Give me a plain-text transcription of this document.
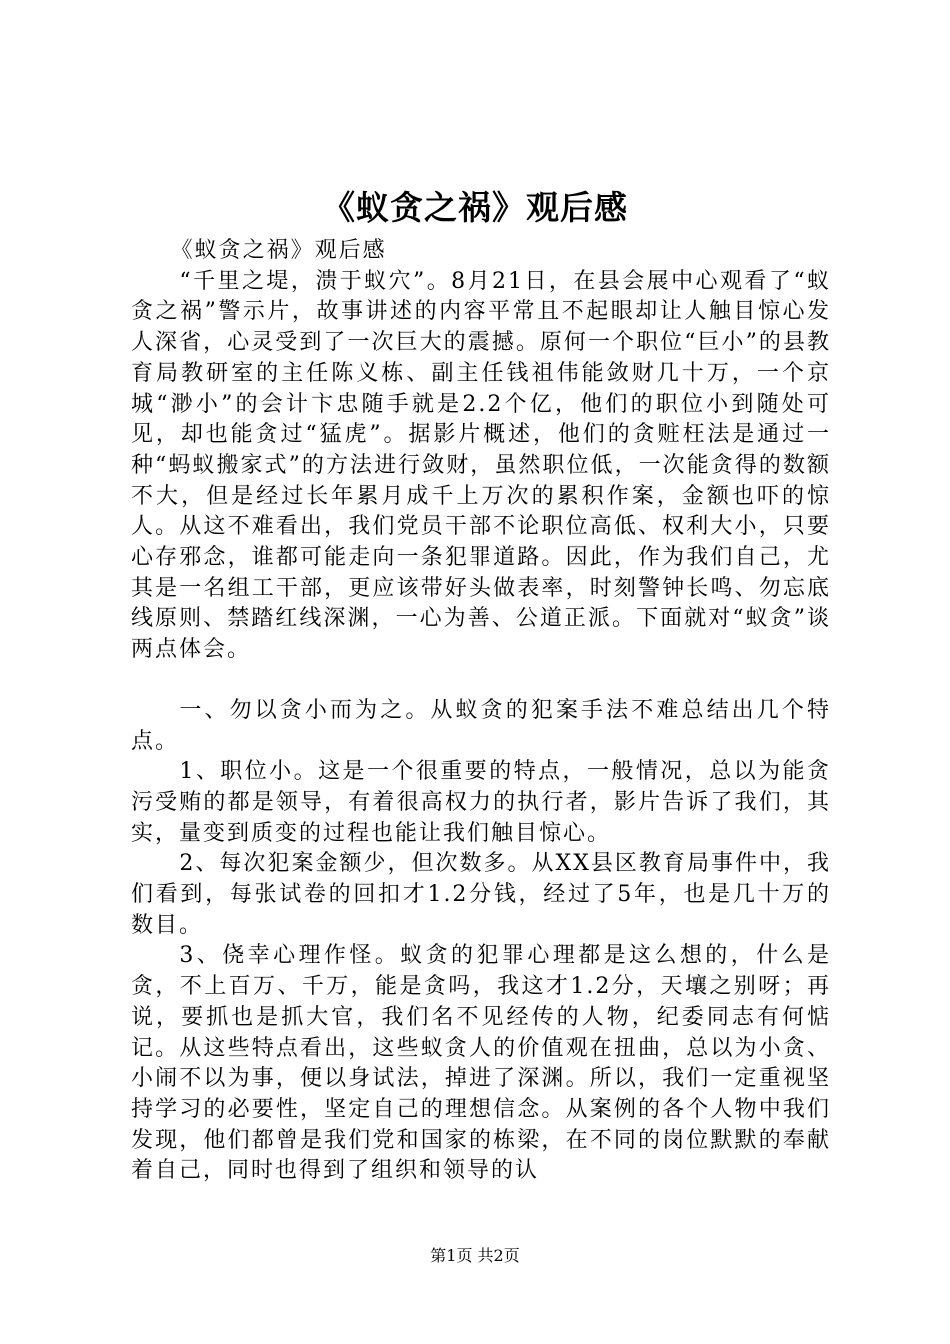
《蚁贪之祸》观后感

《蚁贪之祸》观后感

“千里之堤，溃于蚁穴”。8月21日，在县会展中心观看了“蚁贪之祸”警示片，故事讲述的内容平常且不起眼却让人触目惊心发人深省，心灵受到了一次巨大的震撼。原何一个职位“巨小”的县教育局教研室的主任陈义栋、副主任钱祖伟能敛财几十万，一个京城“渺小”的会计卞忠随手就是2.2个亿，他们的职位小到随处可见，却也能贪过“猛虎”。据影片概述，他们的贪赃枉法是通过一种“蚂蚁搬家式”的方法进行敛财，虽然职位低，一次能贪得的数额不大，但是经过长年累月成千上万次的累积作案，金额也吓的惊人。从这不难看出，我们党员干部不论职位高低、权利大小，只要心存邪念，谁都可能走向一条犯罪道路。因此，作为我们自己，尤其是一名组工干部，更应该带好头做表率，时刻警钟长鸣、勿忘底线原则、禁踏红线深渊，一心为善、公道正派。下面就对“蚁贪”谈两点体会。

一、勿以贪小而为之。从蚁贪的犯案手法不难总结出几个特点。

1、职位小。这是一个很重要的特点，一般情况，总以为能贪污受贿的都是领导，有着很高权力的执行者，影片告诉了我们，其实，量变到质变的过程也能让我们触目惊心。

2、每次犯案金额少，但次数多。从XX县区教育局事件中，我们看到，每张试卷的回扣才1.2分钱，经过了5年，也是几十万的数目。

3、侥幸心理作怪。蚁贪的犯罪心理都是这么想的，什么是贪，不上百万、千万，能是贪吗，我这才1.2分，天壤之别呀；再说，要抓也是抓大官，我们名不见经传的人物，纪委同志有何惦记。从这些特点看出，这些蚁贪人的价值观在扭曲，总以为小贪、小闹不以为事，便以身试法，掉进了深渊。所以，我们一定重视坚持学习的必要性，坚定自己的理想信念。从案例的各个人物中我们发现，他们都曾是我们党和国家的栋梁，在不同的岗位默默的奉献着自己，同时也得到了组织和领导的认

第1页 共2页
